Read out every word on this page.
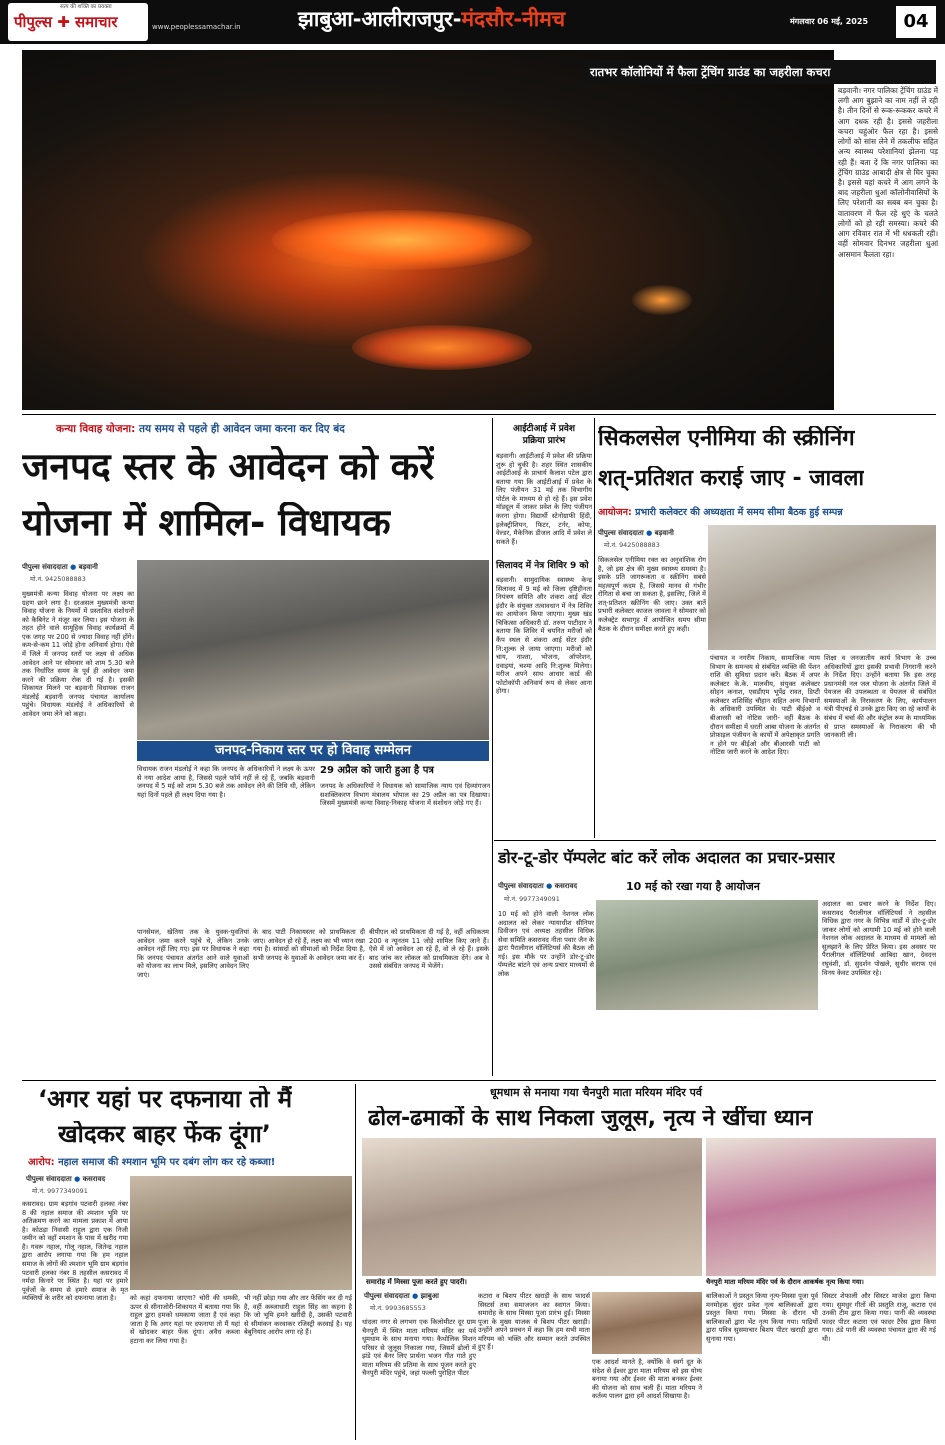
सत्य की शक्ति का प्रवक्ता
पीपुल्स ✚ समाचार	www.peoplessamachar.in	झाबुआ-आलीराजपुर-मंदसौर-नीमच	मंगलवार 06 मई, 2025	04
रातभर कॉलोनियों में फैला ट्रेंचिंग ग्राउंड का जहरीला कचरा
बड़वानी। नगर पालिका ट्रेंचिंग ग्राउंड में लगी आग बुझाने का नाम नहीं ले रही है। तीन दिनों से रूक-रूककर कचरे में आग दधक रही है। इससे जहरीला कचरा चहुंओर फैल रहा है। इससे लोगों को सांस लेने में तकलीफ सहित अन्य स्वास्थ्य परेशानियां झेलना पड़ रही हैं। बता दें कि नगर पालिका का ट्रेंचिंग ग्राउंड आबादी क्षेत्र से घिर चुका है। इससे यहां कचरे में आग लगने के बाद जहरीला धुआं कॉलोनीवासियों के लिए परेशानी का सबब बन चुका है। वातावरण में फैल रहे धुएं के चलते लोगों को हो रही समस्या। कचरे की आग रविवार रात में भी धधकती रही। वहीं सोमवार दिनभर जहरीला धुआं आसमान फैलता रहा।
कन्या विवाह योजना: तय समय से पहले ही आवेदन जमा करना कर दिए बंद
जनपद स्तर के आवेदन को करें
योजना में शामिल- विधायक
पीपुल्स संवाददाता ● बड़वानी
मो.नं. 9425088883
मुख्यमंत्री कन्या विवाह योजना पर लक्ष्य का ग्रहण छाने लगा है। दरअसल मुख्यमंत्री कन्या विवाह योजना के नियमों में प्रस्तावित संशोधनों को कैबिनेट ने मंजूर कर लिया। इस योजना के तहत होने वाले सामूहिक विवाह कार्यक्रमों में एक जगह पर 200 से ज्यादा विवाह नहीं होंगे। कम-से-कम 11 जोड़े होना अनिवार्य होगा। ऐसे में जिले में जनपद स्तरों पर लक्ष्य से अधिक आवेदन आने पर सोमवार को शाम 5.30 बजे तक निर्धारित समय के पूर्व ही आवेदन जमा करने की प्रक्रिया रोक दी गई है। इसकी शिकायत मिलने पर बड़वानी विधायक राजन मंडलोई बड़वानी जनपद पंचायत कार्यालय पहुंचे। विधायक मंडलोई ने अधिकारियों से आवेदन जमा लेने को कहा।
जनपद-निकाय स्तर पर हो विवाह सम्मेलन
विधायक राजन मंडलोई ने कहा कि जनपद के अधिकारियों ने लक्ष्य के ऊपर से नया आदेश आया है, जिससे पहले फॉर्म नहीं ले रहे हैं, जबकि बड़वानी जनपद में 5 मई को शाम 5.30 बजे तक आवेदन लेने की तिथि थी, लेकिन यहां दिनों पहले ही लक्ष्य दिया गया है।
29 अप्रैल को जारी हुआ है पत्र
जनपद के अधिकारियों ने विधायक को सामाजिक न्याय एवं दिव्यांगजन सशक्तिकरण विभाग मंत्रालय भोपाल का 29 अप्रैल का पत्र दिखाया। जिसमें मुख्यमंत्री कन्या विवाह-निकाह योजना में संशोधन जोड़े गए हैं।
पानसेमल, खेतिया तक के युवक-युवतियां आवेदन जमा करने पहुंचे थे, लेकिन उनके आवेदन नहीं लिए गए। इस पर विधायक ने कहा कि जनपद पंचायत अंतर्गत आने वाले युवाओं को योजना का लाभ मिले, इसलिए आवेदन लिए जाएं।
के बाद पाटी निकायस्तर को प्राथमिकता दी जाए। आवेदन हो रहे हैं, लक्ष्य का भी ध्यान रखा गया है। सांसदों को सीमाओं को निर्देश दिया है, सभी जनपद के युवाओं के आवेदन जमा कर दें।
बीपीएल को प्राथमिकता दी गई है, वहीं अधिकतम 200 व न्यूनतम 11 जोड़े शामिल किए जाने हैं। ऐसे में जो आवेदन आ रहे हैं, वो ले रहे हैं। इसके बाद जांच कर लोकल को प्राथमिकता देंगे। अब वे उससे संबंधित जनपद में भेजेंगे।
आईटीआई में प्रवेश
प्रक्रिया प्रारंभ
बड़वानी। आईटीआई में प्रवेश की प्रक्रिया शुरू हो चुकी है। शहर स्थित शासकीय आईटीआई के प्राचार्य कैलाश पटेल द्वारा बताया गया कि आईटीआई में प्रवेश के लिए पंजीयन 31 मई तक विभागीय पोर्टल के माध्यम से हो रहे हैं। इस प्रवेश मॉड्यूल में जाकर प्रवेश के लिए पंजीयन करना होगा। विद्यार्थी स्टेनोग्राफी हिंदी, इलेक्ट्रीशियन, फिटर, टर्नर, कोपा, वेल्डर, मैकेनिक डीजल आदि में प्रवेश ले सकते हैं।
सिलावद में नेत्र शिविर 9 को
बड़वानी। सामुदायिक स्वास्थ्य केन्द्र सिलावद में 9 मई को जिला दृष्टिहीनता नियंत्रण समिति और शंकरा आई सेंटर इंदौर के संयुक्त तत्वावधान में नेत्र शिविर का आयोजन किया जाएगा। मुख्य खंड चिकित्सा अधिकारी डॉ. तरुण पाटीदार ने बताया कि शिविर में चयनित मरीजों को कैंप स्थल से शंकरा आई सेंटर इंदौर नि:शुल्क ले जाया जाएगा। मरीजों को चाय, नाश्ता, भोजना, ऑपरेशन, दवाइयां, चश्मा आदि नि:शुल्क मिलेगा। मरीज अपने साथ आधार कार्ड की फोटोकॉपी अनिवार्य रूप से लेकर आना होगा।
सिकलसेल एनीमिया की स्क्रीनिंग
शत्-प्रतिशत कराई जाए - जावला
आयोजन: प्रभारी कलेक्टर की अध्यक्षता में समय सीमा बैठक हुई सम्पन्न
पीपुल्स संवाददाता ● बड़वानी
मो.नं. 9425088883
सिकलसेल एनीमिया रक्त का अनुवांशिक रोग है, जो इस क्षेत्र की मुख्य स्वास्थ्य समस्या है। इसके प्रति जागरूकता व स्क्रीनिंग सबसे महत्वपूर्ण कदम है, जिससे मानव से गंभीर रोगिता से बचा जा सकता है, इसलिए, जिले में शत्-प्रतिशत स्क्रीनिंग की जाए। उक्त बातें प्रभारी कलेक्टर काजल जावला ने सोमवार को कलेक्ट्रेट सभागृह में आयोजित समय सीमा बैठक के दौरान समीक्षा करते हुए कही।
पंचायत व नगरीय निकाय, सामाजिक न्याय विभाग के समन्वय से संबंधित व्यक्ति की पेंशन राशि की सुविधा प्रदान करें। बैठक में अपर कलेक्टर के.के. मालवीय, संयुक्त कलेक्टर सोहन कनाश, एसडीएम भूपेंद्र रावत, डिप्टी कलेक्टर शशिसिंह चौहान सहित अन्य विभागों के अधिकारी उपस्थित थे। पाटी बीईओ व बीआरसी को नोटिस जारी- वहीं बैठक के दौरान समीक्षा में धरती आबा योजना के अंतर्गत प्रोफ़ाइल पंजीयन के कार्यों में अपेक्षाकृत प्रगति न होने पर बीईओ और बीआरसी पाटी को नोटिस जारी करने के आदेश दिए।
शिक्षा व जनजातीय कार्य विभाग के उच्च अधिकारियों द्वारा इसकी प्रभावी निगरानी करने के निर्देश दिए। उन्होंने बताया कि इस तरह प्रधानमंत्री नल जल योजना के अंतर्गत जिले में पेयजल की उपलब्धता व पेयजल से संबंधित समस्याओं के निराकरण के लिए, कार्यपालन यंत्री पीएचई से उनके द्वारा किए जा रहे कार्यों के संबंध में चर्चा की और कंट्रोल रूम के माध्यमिक से प्राप्त समस्याओं के निराकरण की भी जानकारी ली।
डोर-टू-डोर पॅम्पलेट बांट करें लोक अदालत का प्रचार-प्रसार
10 मई को रखा गया है आयोजन
पीपुल्स संवाददाता ● कसरावद
मो.नं. 9977349091
10 मई को होने वाली नेशनल लोक अदालत को लेकर न्यायाधीश सीनियर डिवीजन एवं अध्यक्ष तहसील विधिक सेवा समिति कसरावद नीता पवार जैन के द्वारा पैरालीगल वॉलिंटियर्स की बैठक ली गई। इस मौके पर उन्होंने डोर-टू-डोर पॅम्पलेट बांटने एवं अन्य प्रचार माध्यमों से लोक
अदालत का प्रचार करने के निर्देश दिए। कसरावद पैरालीगल वॉलिंटियर्स ने तहसील विधिक द्वारा नगर के विभिन्न वार्डों में डोर-टू-डोर जाकर लोगों को आगामी 10 मई को होने वाली नेशनल लोक अदालत के माध्यम से मामलों को सुलझाने के लिए प्रेरित किया। इस अवसर पर पैरालीगल वॉलिंटियर्स आबिदा खान, देवदत्त रघुवंशी, डॉ. सुदर्शन पोखले, सुधीर सराफ एवं विनय केवट उपस्थित रहे।
‘अगर यहां पर दफनाया तो मैं
खोदकर बाहर फेंक दूंगा’
आरोप: नहाल समाज की श्मशान भूमि पर दबंग लोग कर रहे कब्जा!
पीपुल्स संवाददाता ● कसरावद
मो.नं. 9977349091
कसरावद। ग्राम बड़गांव पटवारी हलका नंबर 8 की नहाल समाज की श्मशान भूमि पर अतिक्रमण करने का मामला प्रकाश में आया है। कोठड़ा निवासी राहुल द्वारा एक निजी जमीन को वहाँ श्मशान के पास में खरीद गया है। गवरू नहाल, गोलू नहाल, जितेन्द्र नहाल द्वारा आरोप लगाया गया कि हम नहाल समाज के लोगों की श्मशान भूमि ग्राम बड़गांव पटवारी हलका नंबर 8 तहसील कसरावद में नर्मदा किनारे पर स्थित है। यहां पर हमारे पूर्वजों के समय से हमारे समाज के मृत व्यक्तियों के शरीर को दफनाया जाता है।	को कहां दफनाया जाएगा? चोरी की धमकी, ऊपर से सीनाजोरी-शिकायत में बताया गया कि राहुल द्वारा हमको धमकाया जाता है एवं कहा जाता है कि अगर यहां पर दफनाया तो मैं यहां से खोदकर बाहर फेंक दूंगा। अवैध कब्जा हटाना कर लिया गया है।
भी नहीं छोड़ा गया और तार फेंसिंग कर दी गई है, वहीं कब्जाधारी राहुल सिंह का कहना है कि जो भूमि हमने खरीदी है, उसकी पटवारी से सीमांकन करवाकर रजिस्ट्री करवाई है। यह बेबुनियाद आरोप लगा रहे हैं।
धूमधाम से मनाया गया चैनपुरी माता मरियम मंदिर पर्व
ढोल-ढमाकों के साथ निकला जुलूस, नृत्य ने खींचा ध्यान
समारोह में मिस्सा पूजा करते हुए पादरी।	चैनपुरी माता मरियम मंदिर पर्व के दौरान आकर्षक नृत्य किया गया।
पीपुल्स संवाददाता ● झाबुआ
मो.नं. 9993685553
धांदला नगर से लगभग एक किलोमीटर दूर ग्राम चैनपुरी में स्थित माता मरियम मंदिर का पर्व धूमधाम के साथ मनाया गया। कैथोलिक मिशन परिसर से जुलूस निकाला गया, जिसमें ढोलों में झंडे एवं बैनर लिए प्रार्थना भजन गीत गाते हुए माता मरियम की प्रतिमा के साथ पूजन करते हुए चैनपुरी मंदिर पहुंचे, जहां फल्ली पुरोहित पीटर
कटारा व बिशप पीटर खराड़ी के साथ फादर्स सिस्टर्स तथा समाजजन का स्वागत किया। समारोह के साथ मिस्सा पूजा प्रारंभ हुई। मिस्सा पूजा के मुख्य याजक थे बिशप पीटर खराड़ी। उन्होंने अपने प्रवचन में कहा कि हम सभी माता मरियम को भक्ति और सम्मान करते उपस्थित हुए हैं।
एक आदर्श मानते है, क्योंकि वे स्वर्ग दूत के संदेश से ईश्वर द्वारा माता मरियम को इस योग्य बनाया गया और ईश्वर की माता बनकर ईश्वर की योजना को साथ चली हैं। माता मरियम ने कर्तव्य पालन द्वारा हमें आदर्श सिखाया है।
बालिकाओं ने प्रस्तुत किया नृत्य-मिस्सा पूजा पूर्व मनमोहक सुंदर प्रवेश नृत्य बालिकाओं द्वारा प्रस्तुत किया गया। मिस्सा के दौरान भी बालिकाओं द्वारा भेंट नृत्य किया गया। पाद्रियों द्वारा पवित्र सुसमाचार बिशप पीटर खराड़ी द्वारा सुनाया गया।
सिस्टर शेफाली और सिस्टर माजेश द्वारा किया गया। सुमधुर गीतों की प्रस्तुति राजू, कटारा एवं उनकी टीम द्वारा किया गया। पानी की व्यवस्था फादर पीटर कटारा एवं फादर टैरेंस द्वारा किया गया। ठंडे पानी की व्यवस्था पंचायत द्वारा की गई थी।
